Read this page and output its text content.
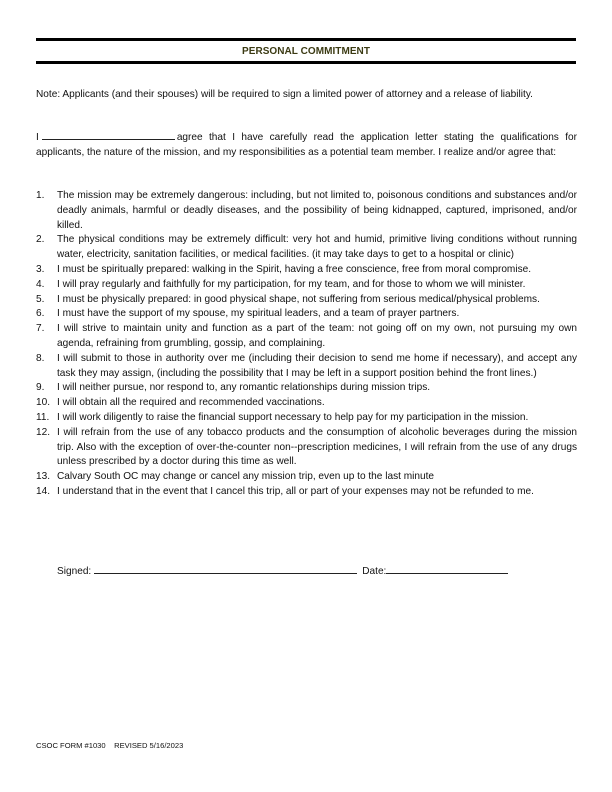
PERSONAL COMMITMENT
Note: Applicants (and their spouses) will be required to sign a limited power of attorney and a release of liability.
I	agree that I have carefully read the application letter stating the qualifications for applicants, the nature of the mission, and my responsibilities as a potential team member. I realize and/or agree that:
1. The mission may be extremely dangerous: including, but not limited to, poisonous conditions and substances and/or deadly animals, harmful or deadly diseases, and the possibility of being kidnapped, captured, imprisoned, and/or killed.
2. The physical conditions may be extremely difficult: very hot and humid, primitive living conditions without running water, electricity, sanitation facilities, or medical facilities. (it may take days to get to a hospital or clinic)
3. I must be spiritually prepared: walking in the Spirit, having a free conscience, free from moral compromise.
4. I will pray regularly and faithfully for my participation, for my team, and for those to whom we will minister.
5. I must be physically prepared: in good physical shape, not suffering from serious medical/physical problems.
6. I must have the support of my spouse, my spiritual leaders, and a team of prayer partners.
7. I will strive to maintain unity and function as a part of the team: not going off on my own, not pursuing my own agenda, refraining from grumbling, gossip, and complaining.
8. I will submit to those in authority over me (including their decision to send me home if necessary), and accept any task they may assign, (including the possibility that I may be left in a support position behind the front lines.)
9. I will neither pursue, nor respond to, any romantic relationships during mission trips.
10. I will obtain all the required and recommended vaccinations.
11. I will work diligently to raise the financial support necessary to help pay for my participation in the mission.
12. I will refrain from the use of any tobacco products and the consumption of alcoholic beverages during the mission trip. Also with the exception of over-the-counter non--prescription medicines, I will refrain from the use of any drugs unless prescribed by a doctor during this time as well.
13. Calvary South OC may change or cancel any mission trip, even up to the last minute
14. I understand that in the event that I cancel this trip, all or part of your expenses may not be refunded to me.
Signed:	Date:
CSOC FORM #1030 REVISED 5/16/2023
